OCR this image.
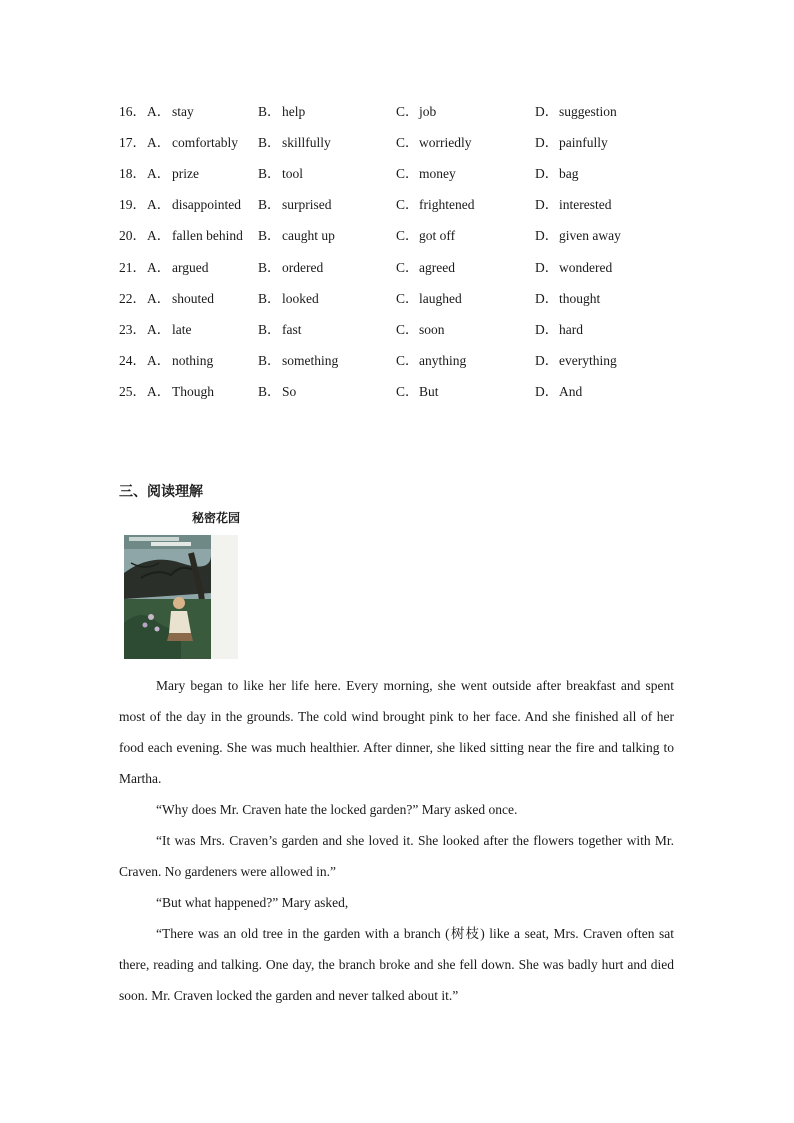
16． A． stay	B． help	C． job	D． suggestion
17． A． comfortably B． skillfully	C． worriedly	D． painfully
18． A． prize	B． tool	C． money	D． bag
19． A． disappointed B． surprised	C． frightened	D． interested
20． A． fallen behind B． caught up	C． got off	D． given away
21． A． argued	B． ordered	C． agreed	D． wondered
22． A． shouted	B． looked	C． laughed	D． thought
23． A． late	B． fast	C． soon	D． hard
24． A． nothing	B． something	C． anything	D． everything
25． A． Though	B． So	C． But	D． And
三、阅读理解
秘密花园

Mary began to like her life here. Every morning, she went outside after breakfast and spent most of the day in the grounds. The cold wind brought pink to her face. And she finished all of her food each evening. She was much healthier. After dinner, she liked sitting near the fire and talking to Martha.

“Why does Mr. Craven hate the locked garden?” Mary asked once.

“It was Mrs. Craven’s garden and she loved it. She looked after the flowers together with Mr. Craven. No gardeners were allowed in.”

“But what happened?” Mary asked,

“There was an old tree in the garden with a branch (树枝) like a seat, Mrs. Craven often sat there, reading and talking. One day, the branch broke and she fell down. She was badly hurt and died soon. Mr. Craven locked the garden and never talked about it.”
